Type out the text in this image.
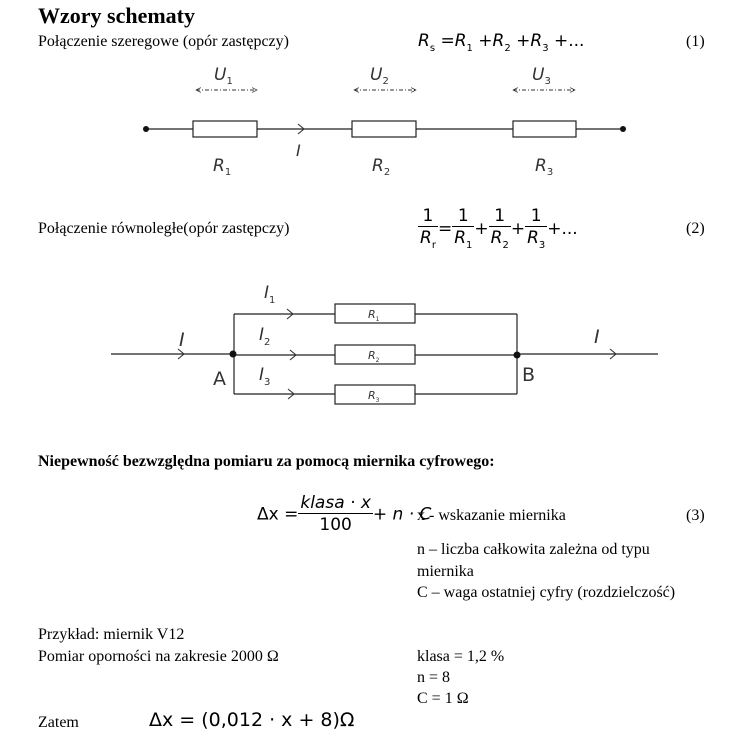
Wzory schematy
Połączenie szeregowe (opór zastępczy)	$R_s =R_1 +R_2 +R_3$ +...	(1)
$U_1$	$U_2$	$U_3$
I
$R_1$	$R_2$	$R_3$
Połączenie równoległe(opór zastępczy)	$\frac{1}{R_r} = \frac{1}{R_1} + \frac{1}{R_2} + \frac{1}{R_3}$ +...	(2)
$R_1$
$R_2$
$R_3$
I	I
$I_1$
$I_2$
$I_3$
A	B
Niepewność bezwzględna pomiaru za pomocą miernika cyfrowego:
$\Delta x = \frac{\text{klasa · x}}{100} + n \cdot C$	(3)
x - wskazanie miernika
n – liczba całkowita zależna od typu
miernika
C – waga ostatniej cyfry (rozdzielczość)
Przykład: miernik V12
Pomiar oporności na zakresie 2000 Ω	klasa = 1,2 %
n = 8
C = 1 Ω
Zatem	Δx = (0,012 · x + 8)Ω
